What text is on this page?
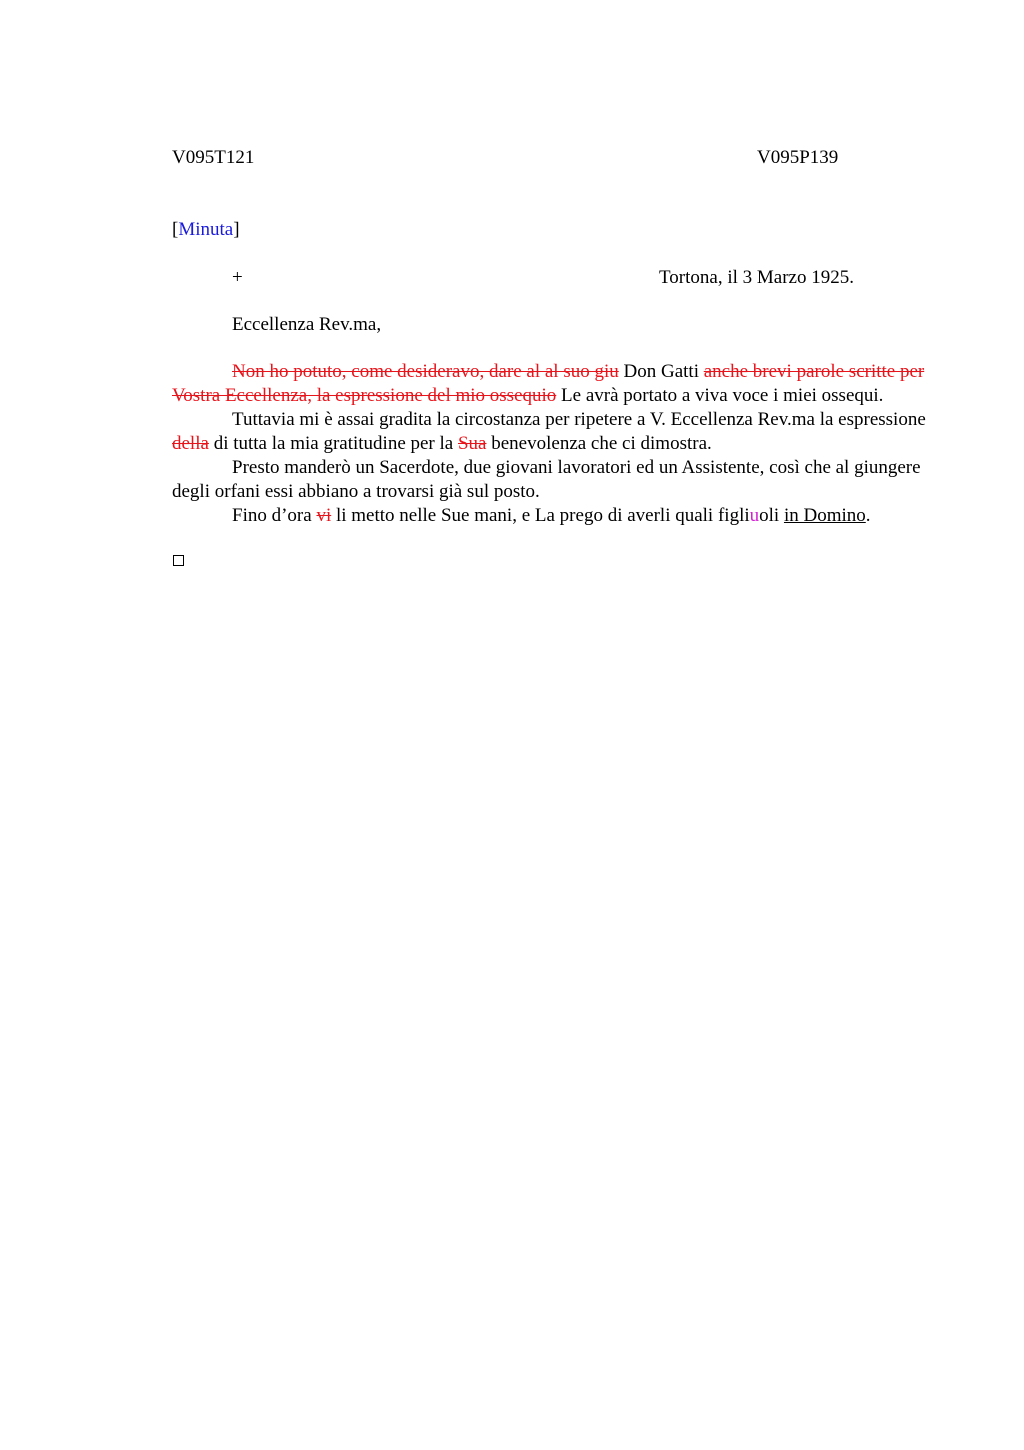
V095T121	V095P139
[Minuta]
+	Tortona, il 3 Marzo 1925.
Eccellenza Rev.ma,

Non ho potuto, come desideravo, dare al al suo giu Don Gatti anche brevi parole scritte per Vostra Eccellenza, la espressione del mio ossequio Le avrà portato a viva voce i miei ossequi.

Tuttavia mi è assai gradita la circostanza per ripetere a V. Eccellenza Rev.ma la espressione della di tutta la mia gratitudine per la Sua benevolenza che ci dimostra.

Presto manderò un Sacerdote, due giovani lavoratori ed un Assistente, così che al giungere degli orfani essi abbiano a trovarsi già sul posto.

Fino d’ora vi li metto nelle Sue mani, e La prego di averli quali figliuoli in Domino.
